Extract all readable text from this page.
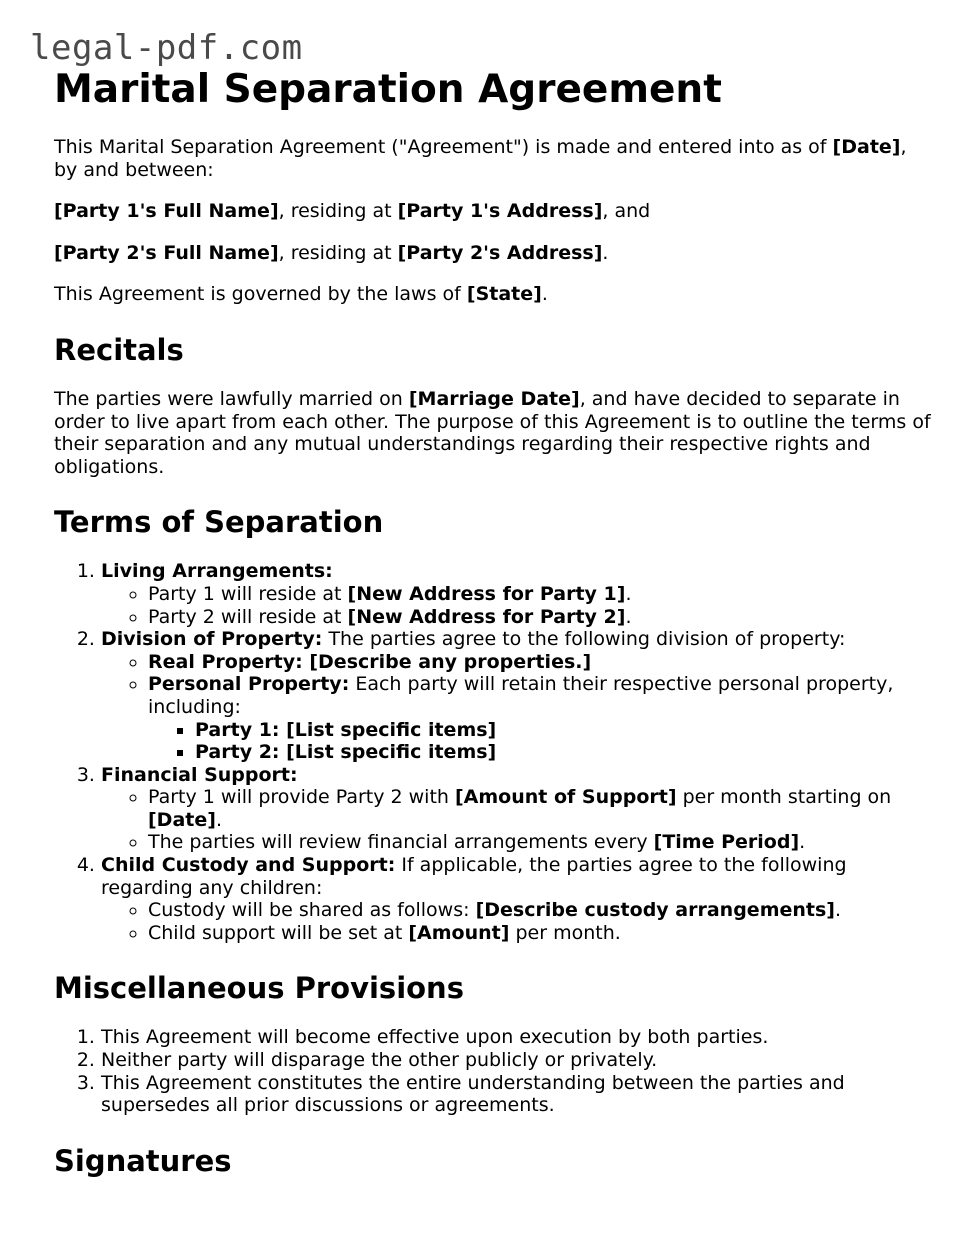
legal-pdf.com
Marital Separation Agreement

This Marital Separation Agreement ("Agreement") is made and entered into as of [Date], by and between:

[Party 1's Full Name], residing at [Party 1's Address], and

[Party 2's Full Name], residing at [Party 2's Address].

This Agreement is governed by the laws of [State].

Recitals

The parties were lawfully married on [Marriage Date], and have decided to separate in order to live apart from each other. The purpose of this Agreement is to outline the terms of their separation and any mutual understandings regarding their respective rights and obligations.

Terms of Separation
1. Living Arrangements:
◦ Party 1 will reside at [New Address for Party 1].
◦ Party 2 will reside at [New Address for Party 2].
2. Division of Property: The parties agree to the following division of property:
◦ Real Property: [Describe any properties.]
◦ Personal Property: Each party will retain their respective personal property, including:
▪ Party 1: [List specific items]
▪ Party 2: [List specific items]
3. Financial Support:
◦ Party 1 will provide Party 2 with [Amount of Support] per month starting on [Date].
◦ The parties will review financial arrangements every [Time Period].
4. Child Custody and Support: If applicable, the parties agree to the following regarding any children:
◦ Custody will be shared as follows: [Describe custody arrangements].
◦ Child support will be set at [Amount] per month.
Miscellaneous Provisions
1. This Agreement will become effective upon execution by both parties.
2. Neither party will disparage the other publicly or privately.
3. This Agreement constitutes the entire understanding between the parties and supersedes all prior discussions or agreements.
Signatures
